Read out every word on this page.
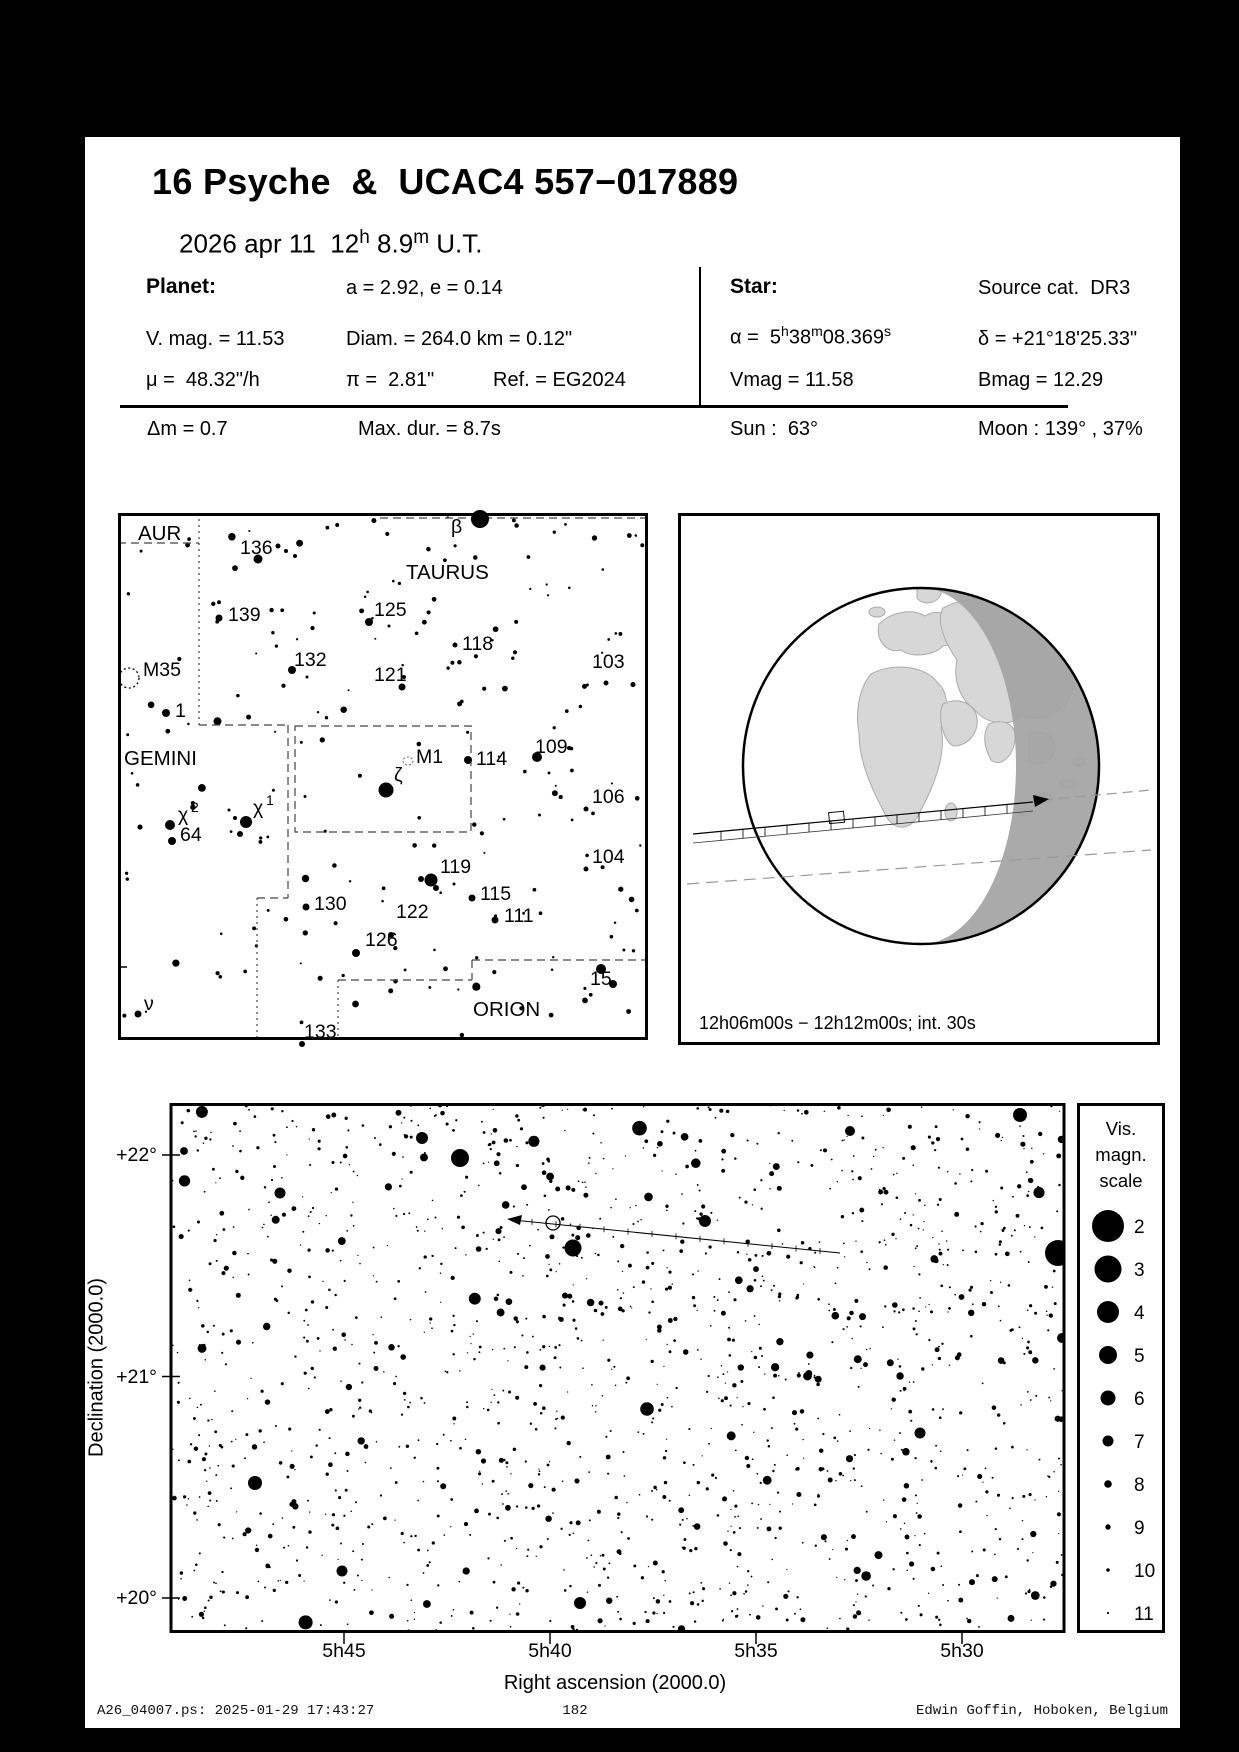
16 Psyche  &  UCAC4 557−017889
2026 apr 11  12$^h$ 8.9$^m$ U.T.
Planet:	a = 2.92, e = 0.14	Star:	Source cat.  DR3
V. mag. = 11.53	Diam. = 264.0 km = 0.12"	α =  5$^h$38$^m$08.369$^s$	δ = +21°18'25.33"
μ =  48.32"/h	π =  2.81"	Ref. = EG2024	Vmag = 11.58	Bmag = 12.29
Δm = 0.7	Max. dur. = 8.7s	Sun :  63°	Moon : 139° , 37%
AUR
TAURUS
GEMINI
ORION
β
136
139	125
118
132
121
M35	103
1
M1
ζ
114
109
106
χ 1
χ 2
64
104
119
115
130
111
122
126
ν
15
133	12h06m00s − 12h12m00s; int. 30s
Declination (2000.0)
Right ascension (2000.0)
Vis.
magn.
scale
2
3
4
5
6
7
8
9
10
11
A26_04007.ps: 2025-01-29 17:43:27	182	Edwin Goffin, Hoboken, Belgium
+22°
+21°
+20°
5h45	5h40	5h35	5h30
